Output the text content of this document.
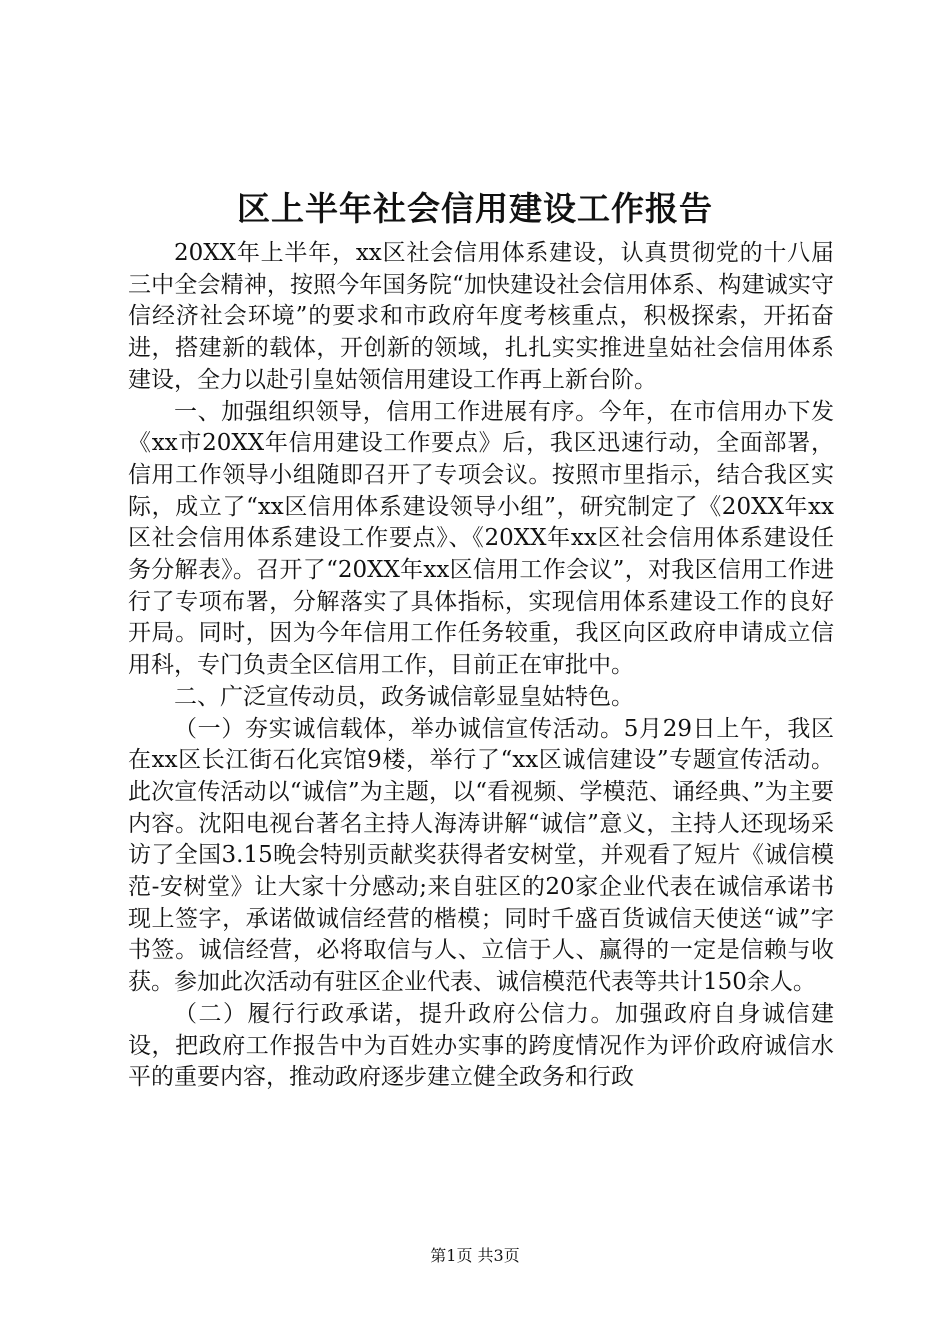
区上半年社会信用建设工作报告

20XX年上半年，xx区社会信用体系建设，认真贯彻党的十八届三中全会精神，按照今年国务院“加快建设社会信用体系、构建诚实守信经济社会环境”的要求和市政府年度考核重点，积极探索，开拓奋进，搭建新的载体，开创新的领域，扎扎实实推进皇姑社会信用体系建设，全力以赴引皇姑领信用建设工作再上新台阶。

一、加强组织领导，信用工作进展有序。今年，在市信用办下发《xx市20XX年信用建设工作要点》后，我区迅速行动，全面部署，信用工作领导小组随即召开了专项会议。按照市里指示，结合我区实际，成立了“xx区信用体系建设领导小组”，研究制定了《20XX年xx区社会信用体系建设工作要点》、《20XX年xx区社会信用体系建设任务分解表》。召开了“20XX年xx区信用工作会议”，对我区信用工作进行了专项布署，分解落实了具体指标，实现信用体系建设工作的良好开局。同时，因为今年信用工作任务较重，我区向区政府申请成立信用科，专门负责全区信用工作，目前正在审批中。

二、广泛宣传动员，政务诚信彰显皇姑特色。

（一）夯实诚信载体，举办诚信宣传活动。5月29日上午，我区在xx区长江街石化宾馆9楼，举行了“xx区诚信建设”专题宣传活动。此次宣传活动以“诚信”为主题，以“看视频、学模范、诵经典、”为主要内容。沈阳电视台著名主持人海涛讲解“诚信”意义，主持人还现场采访了全国3.15晚会特别贡献奖获得者安树堂，并观看了短片《诚信模范-安树堂》让大家十分感动;来自驻区的20家企业代表在诚信承诺书现上签字，承诺做诚信经营的楷模；同时千盛百货诚信天使送“诚”字书签。诚信经营，必将取信与人、立信于人、赢得的一定是信赖与收获。参加此次活动有驻区企业代表、诚信模范代表等共计150余人。

（二）履行行政承诺，提升政府公信力。加强政府自身诚信建设，把政府工作报告中为百姓办实事的跨度情况作为评价政府诚信水平的重要内容，推动政府逐步建立健全政务和行政

第1页 共3页
